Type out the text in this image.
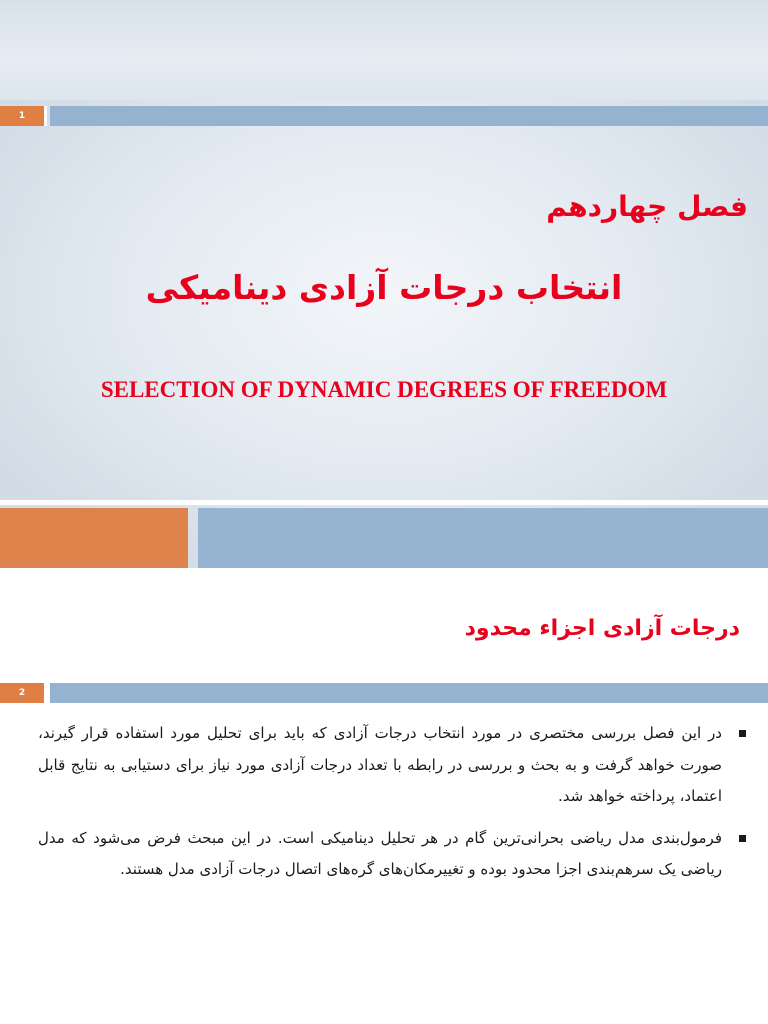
1
فصل چهاردهم
انتخاب درجات آزادی دینامیکی
SELECTION OF DYNAMIC DEGREES OF FREEDOM
درجات آزادی اجزاء محدود
2
در این فصل بررسی مختصری در مورد انتخاب درجات آزادی که باید برای تحلیل مورد استفاده قرار گیرند، صورت خواهد گرفت و به بحث و بررسی در رابطه با تعداد درجات آزادی مورد نیاز برای دستیابی به نتایج قابل اعتماد، پرداخته خواهد شد.
فرمول‌بندی مدل ریاضی بحرانی‌ترین گام در هر تحلیل دینامیکی است. در این مبحث فرض می‌شود که مدل ریاضی یک سرهم‌بندی اجزا محدود بوده و تغییرمکان‌های گره‌های اتصال درجات آزادی مدل هستند.
